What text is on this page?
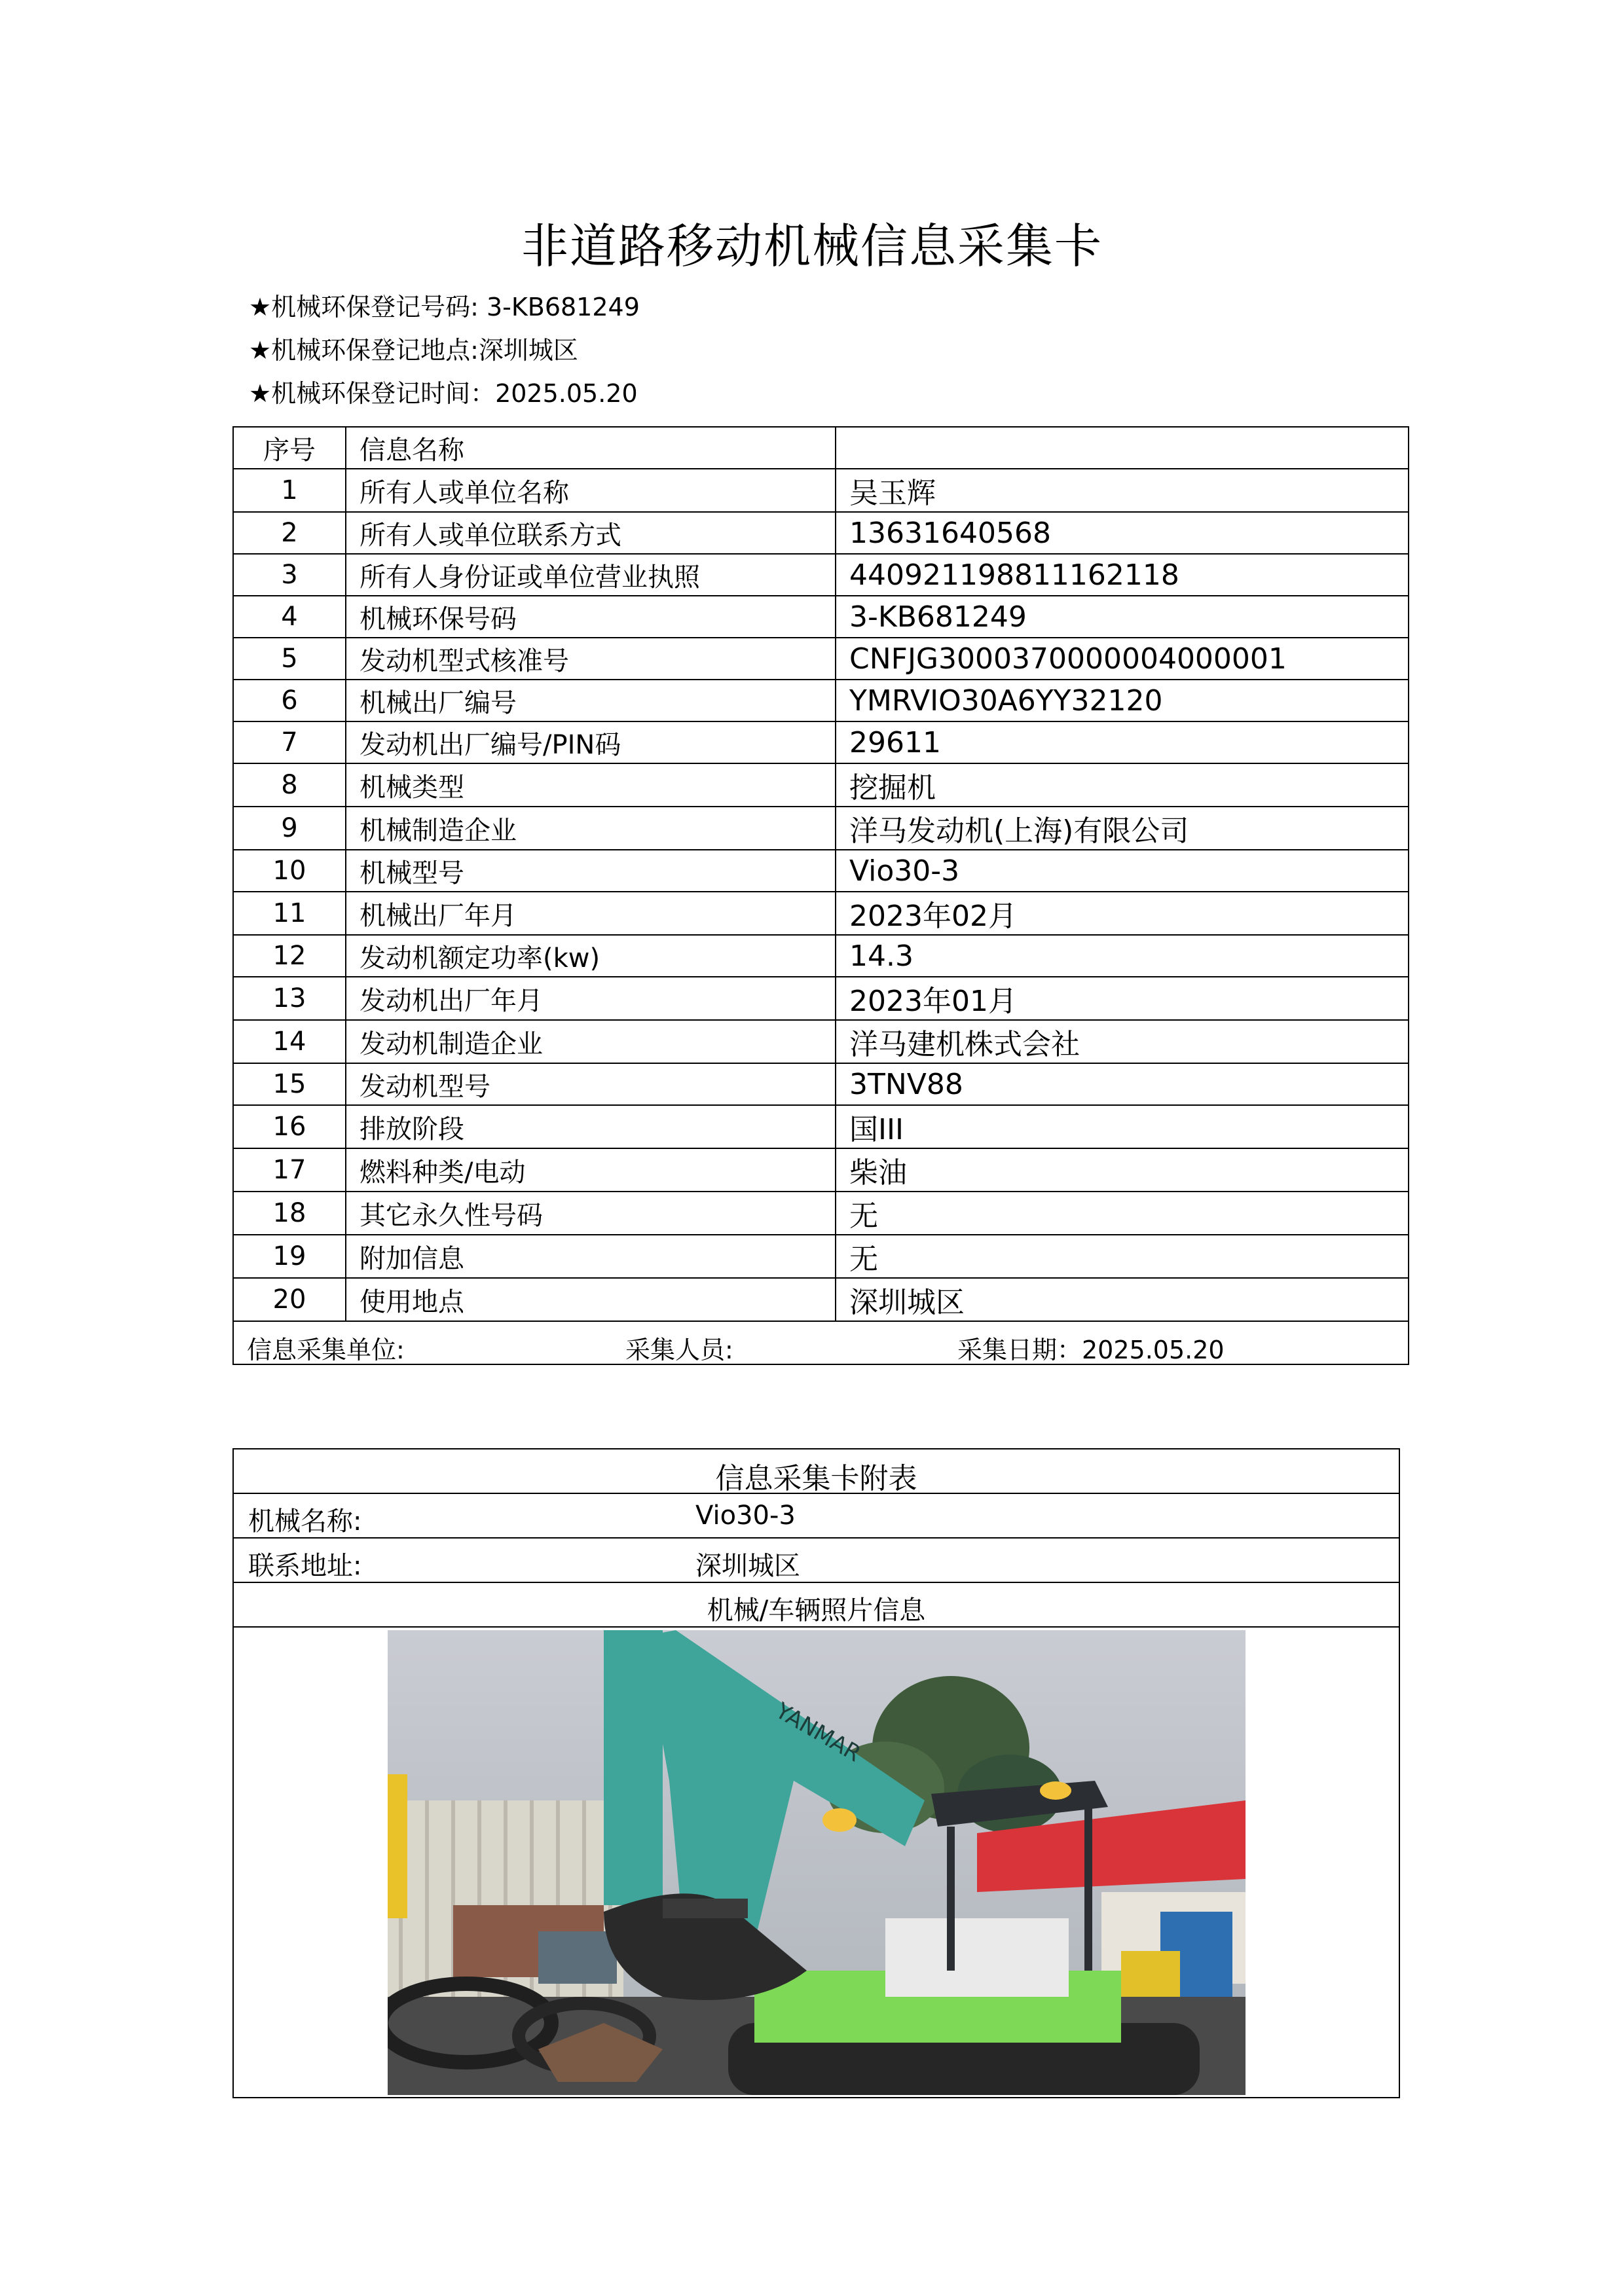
非道路移动机械信息采集卡
★机械环保登记号码: 3-KB681249
★机械环保登记地点:深圳城区
★机械环保登记时间：2025.05.20
序号	信息名称	
1	所有人或单位名称	吴玉辉
2	所有人或单位联系方式	13631640568
3	所有人身份证或单位营业执照	440921198811162118
4	机械环保号码	3-KB681249
5	发动机型式核准号	CNFJG3000370000004000001
6	机械出厂编号	YMRVIO30A6YY32120
7	发动机出厂编号/PIN码	29611
8	机械类型	挖掘机
9	机械制造企业	洋马发动机(上海)有限公司
10	机械型号	Vio30-3
11	机械出厂年月	2023年02月
12	发动机额定功率(kw)	14.3
13	发动机出厂年月	2023年01月
14	发动机制造企业	洋马建机株式会社
15	发动机型号	3TNV88
16	排放阶段	国III
17	燃料种类/电动	柴油
18	其它永久性号码	无
19	附加信息	无
20	使用地点	深圳城区

信息采集单位: 采集人员: 采集日期：2025.05.20		
信息采集卡附表
机械名称:	Vio30-3
联系地址:	深圳城区
机械/车辆照片信息
YANMAR
